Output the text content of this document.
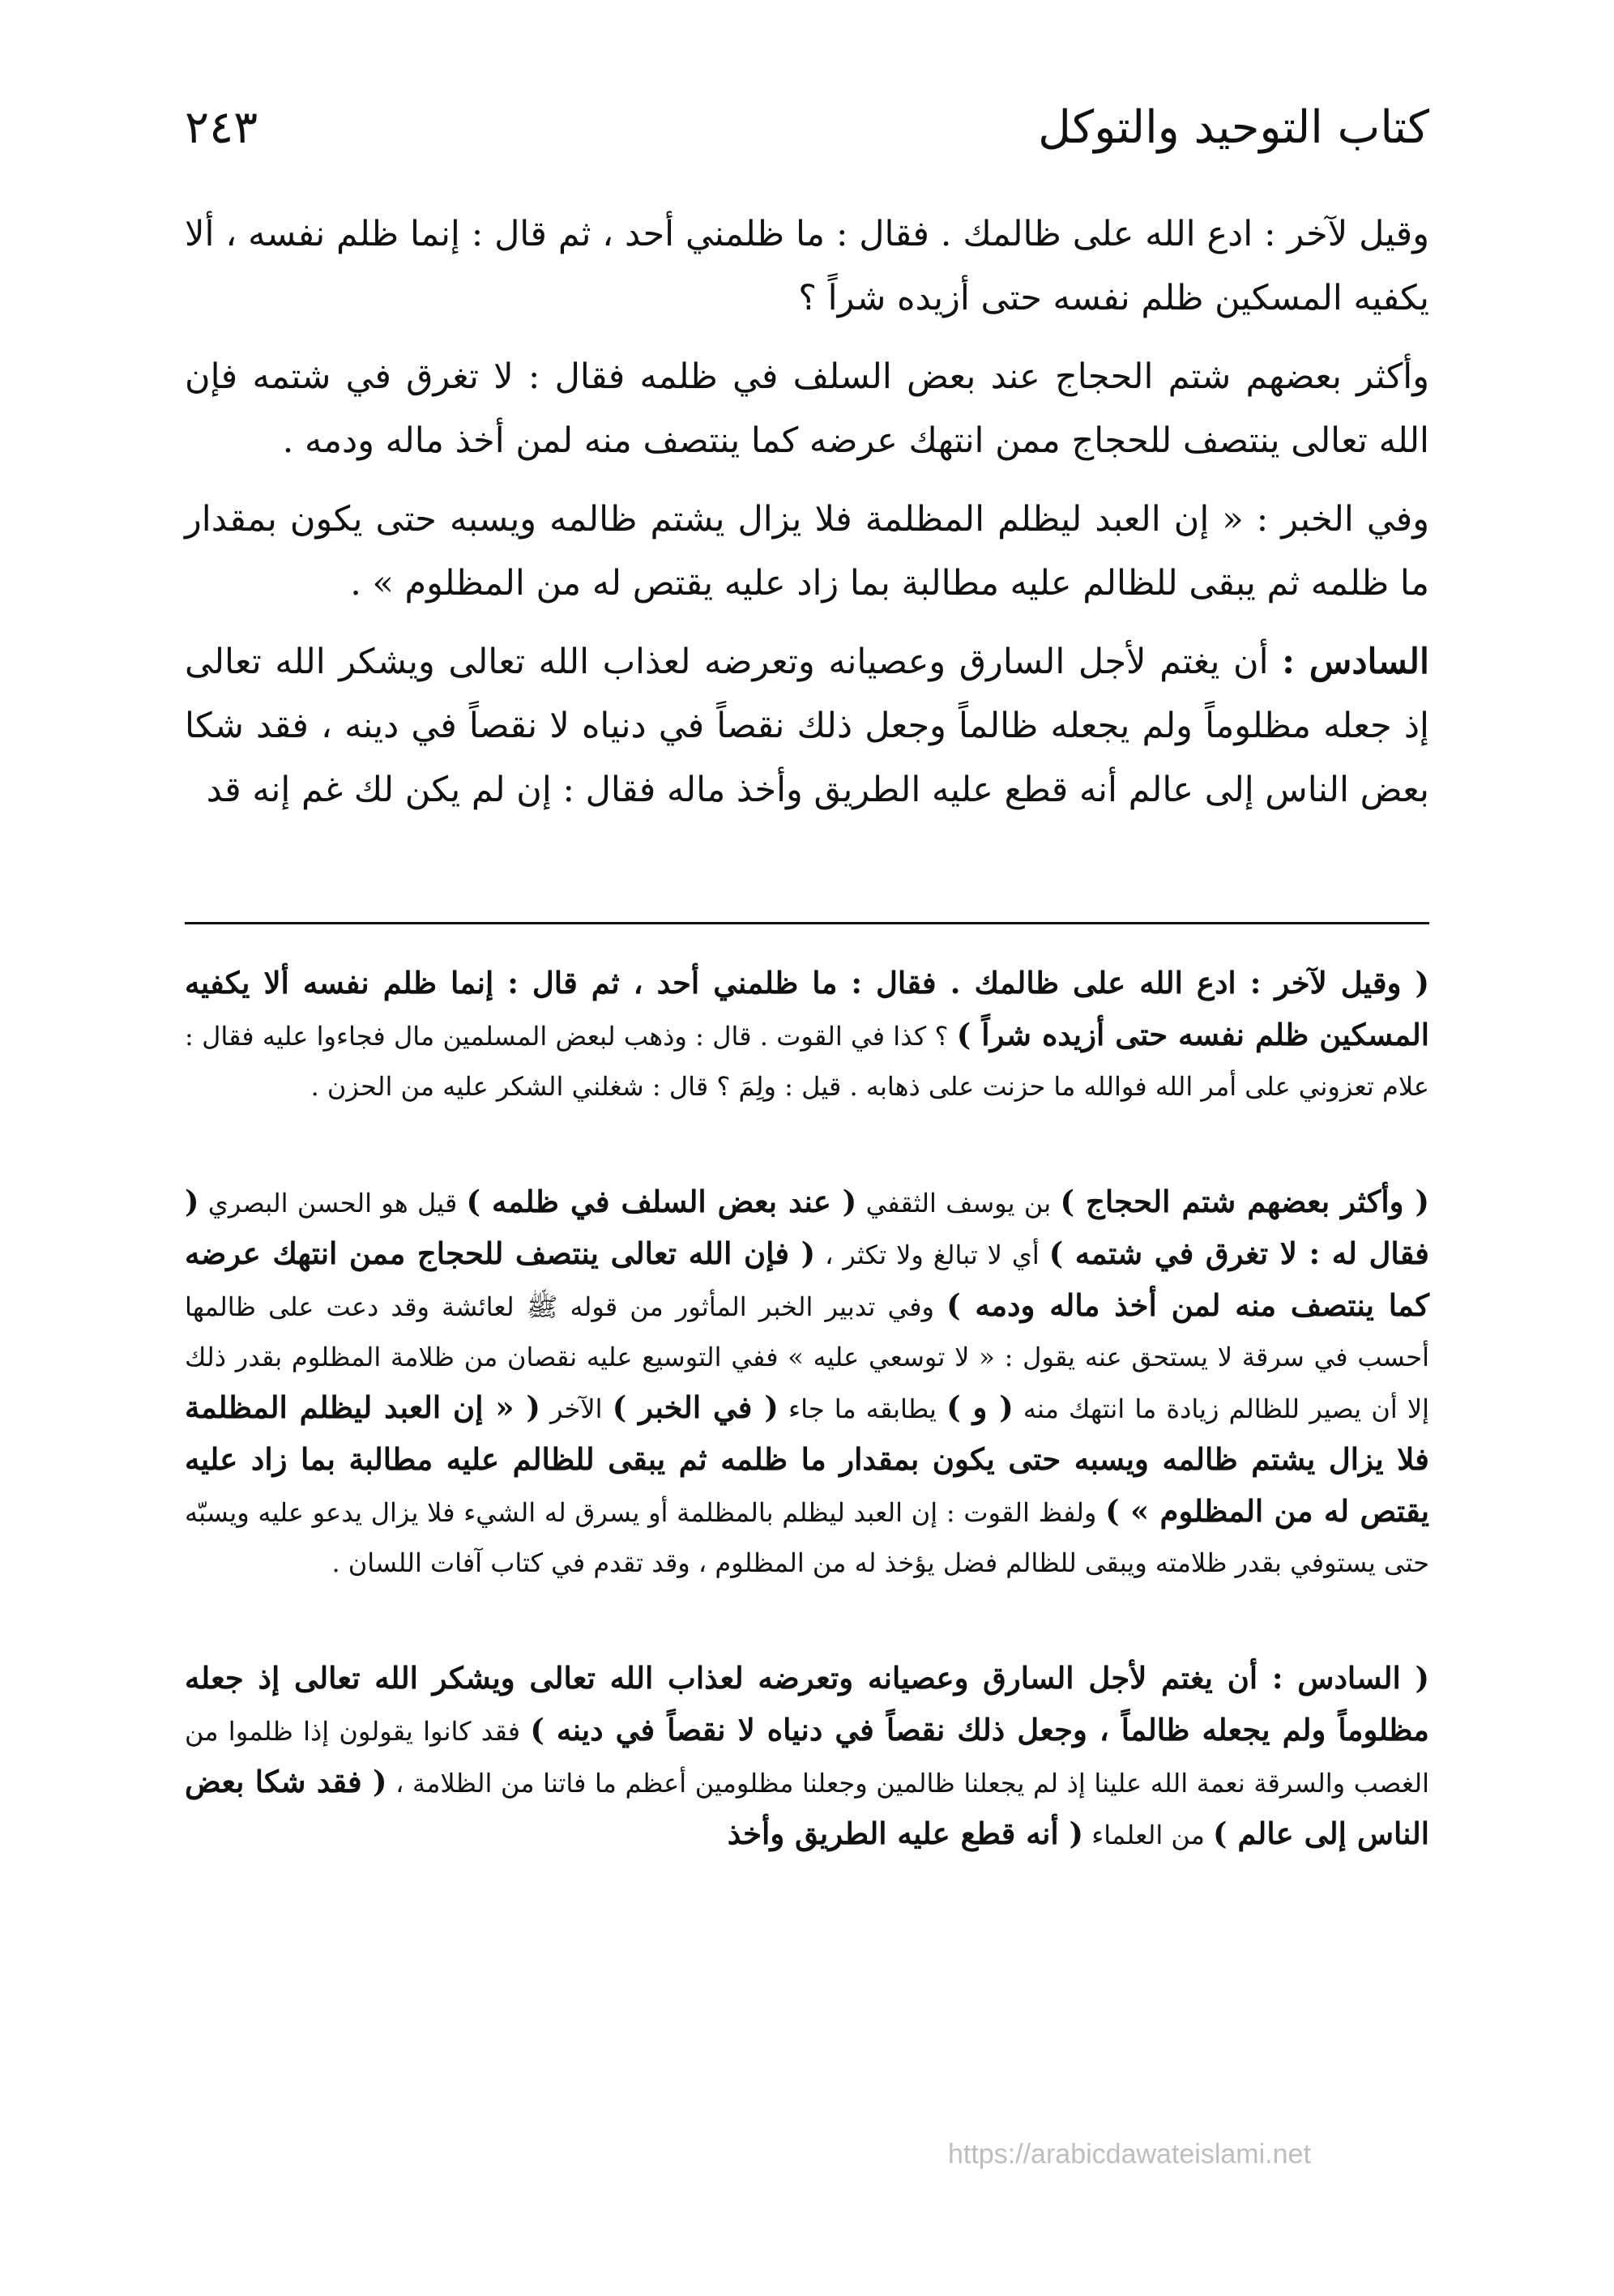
كتاب التوحيد والتوكل
٢٤٣

وقيل لآخر : ادع الله على ظالمك . فقال : ما ظلمني أحد ، ثم قال : إنما ظلم نفسه ، ألا يكفيه المسكين ظلم نفسه حتى أزيده شراً ؟

وأكثر بعضهم شتم الحجاج عند بعض السلف في ظلمه فقال : لا تغرق في شتمه فإن الله تعالى ينتصف للحجاج ممن انتهك عرضه كما ينتصف منه لمن أخذ ماله ودمه .

وفي الخبر : « إن العبد ليظلم المظلمة فلا يزال يشتم ظالمه ويسبه حتى يكون بمقدار ما ظلمه ثم يبقى للظالم عليه مطالبة بما زاد عليه يقتص له من المظلوم » .

السادس : أن يغتم لأجل السارق وعصيانه وتعرضه لعذاب الله تعالى ويشكر الله تعالى إذ جعله مظلوماً ولم يجعله ظالماً وجعل ذلك نقصاً في دنياه لا نقصاً في دينه ، فقد شكا بعض الناس إلى عالم أنه قطع عليه الطريق وأخذ ماله فقال : إن لم يكن لك غم إنه قد

( وقيل لآخر : ادع الله على ظالمك . فقال : ما ظلمني أحد ، ثم قال : إنما ظلم نفسه ألا يكفيه المسكين ظلم نفسه حتى أزيده شراً ) ؟ كذا في القوت . قال : وذهب لبعض المسلمين مال فجاءوا عليه فقال : علام تعزوني على أمر الله فوالله ما حزنت على ذهابه . قيل : ولِمَ ؟ قال : شغلني الشكر عليه من الحزن .

( وأكثر بعضهم شتم الحجاج ) بن يوسف الثقفي ( عند بعض السلف في ظلمه ) قيل هو الحسن البصري ( فقال له : لا تغرق في شتمه ) أي لا تبالغ ولا تكثر ، ( فإن الله تعالى ينتصف للحجاج ممن انتهك عرضه كما ينتصف منه لمن أخذ ماله ودمه ) وفي تدبير الخبر المأثور من قوله ﷺ لعائشة وقد دعت على ظالمها أحسب في سرقة لا يستحق عنه يقول : « لا توسعي عليه » ففي التوسيع عليه نقصان من ظلامة المظلوم بقدر ذلك إلا أن يصير للظالم زيادة ما انتهك منه ( و ) يطابقه ما جاء ( في الخبر ) الآخر ( « إن العبد ليظلم المظلمة فلا يزال يشتم ظالمه ويسبه حتى يكون بمقدار ما ظلمه ثم يبقى للظالم عليه مطالبة بما زاد عليه يقتص له من المظلوم » ) ولفظ القوت : إن العبد ليظلم بالمظلمة أو يسرق له الشيء فلا يزال يدعو عليه ويسبّه حتى يستوفي بقدر ظلامته ويبقى للظالم فضل يؤخذ له من المظلوم ، وقد تقدم في كتاب آفات اللسان .

( السادس : أن يغتم لأجل السارق وعصيانه وتعرضه لعذاب الله تعالى ويشكر الله تعالى إذ جعله مظلوماً ولم يجعله ظالماً ، وجعل ذلك نقصاً في دنياه لا نقصاً في دينه ) فقد كانوا يقولون إذا ظلموا من الغصب والسرقة نعمة الله علينا إذ لم يجعلنا ظالمين وجعلنا مظلومين أعظم ما فاتنا من الظلامة ، ( فقد شكا بعض الناس إلى عالم ) من العلماء ( أنه قطع عليه الطريق وأخذ

https://arabicdawateislami.net
